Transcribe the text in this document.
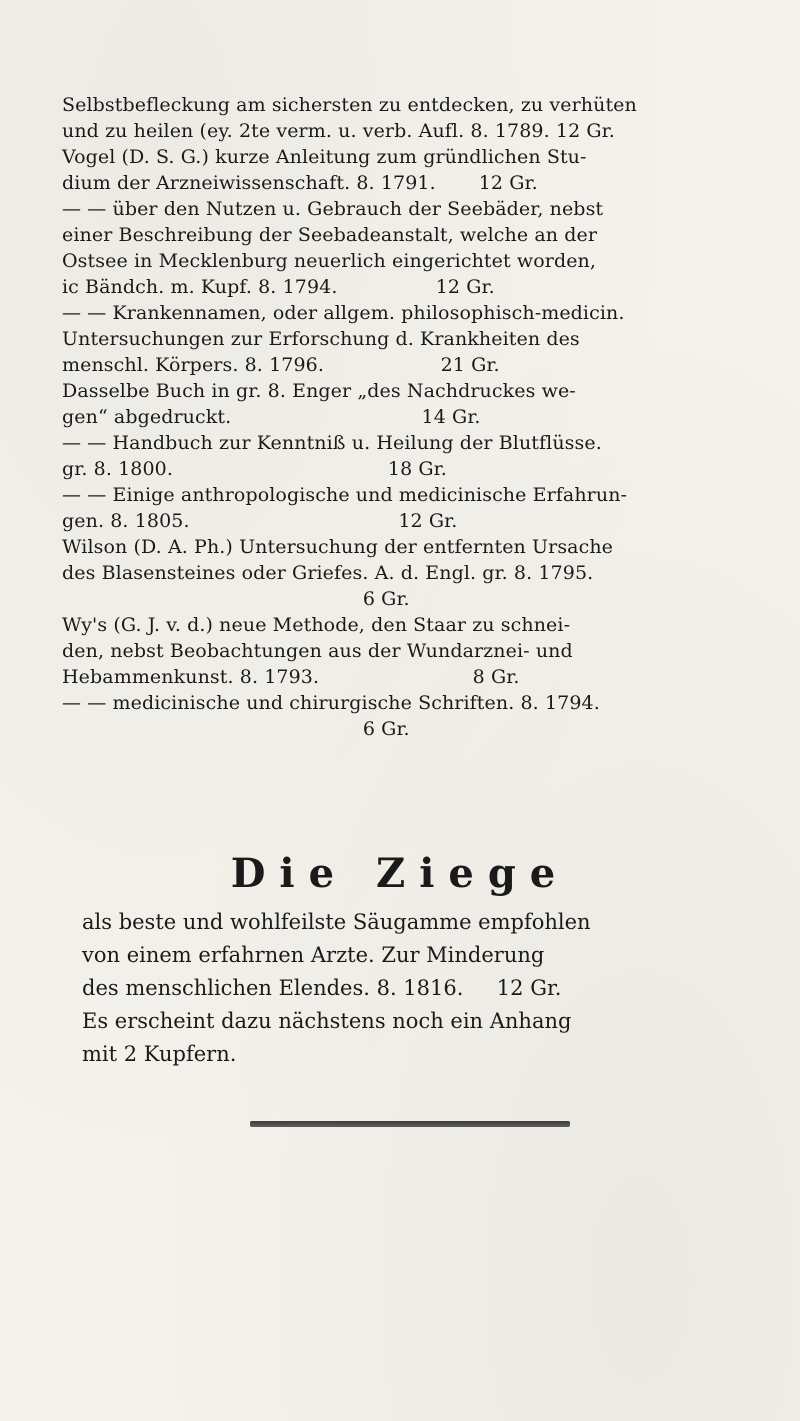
Selbstbefleckung am sichersten zu entdecken, zu verhüten
und zu heilen (ey. 2te verm. u. verb. Aufl. 8. 1789. 12 Gr.
Vogel (D. S. G.) kurze Anleitung zum gründlichen Stu-
dium der Arzneiwissenschaft. 8. 1791.       12 Gr.
— — über den Nutzen u. Gebrauch der Seebäder, nebst
einer Beschreibung der Seebadeanstalt, welche an der
Ostsee in Mecklenburg neuerlich eingerichtet worden,
ic Bändch. m. Kupf. 8. 1794.                12 Gr.
— — Krankennamen, oder allgem. philosophisch-medicin.
Untersuchungen zur Erforschung d. Krankheiten des
menschl. Körpers. 8. 1796.                   21 Gr.
Dasselbe Buch in gr. 8. Enger „des Nachdruckes we-
gen“ abgedruckt.                               14 Gr.
— — Handbuch zur Kenntniß u. Heilung der Blutflüsse.
gr. 8. 1800.                                   18 Gr.
— — Einige anthropologische und medicinische Erfahrun-
gen. 8. 1805.                                  12 Gr.
Wilson (D. A. Ph.) Untersuchung der entfernten Ursache
des Blasensteines oder Griefes. A. d. Engl. gr. 8. 1795.
6 Gr.
Wy's (G. J. v. d.) neue Methode, den Staar zu schnei-
den, nebst Beobachtungen aus der Wundarznei- und
Hebammenkunst. 8. 1793.                         8 Gr.
— — medicinische und chirurgische Schriften. 8. 1794.
6 Gr.
Die Ziege
als beste und wohlfeilste Säugamme empfohlen
von einem erfahrnen Arzte. Zur Minderung
des menschlichen Elendes. 8. 1816.     12 Gr.
Es erscheint dazu nächstens noch ein Anhang
mit 2 Kupfern.
